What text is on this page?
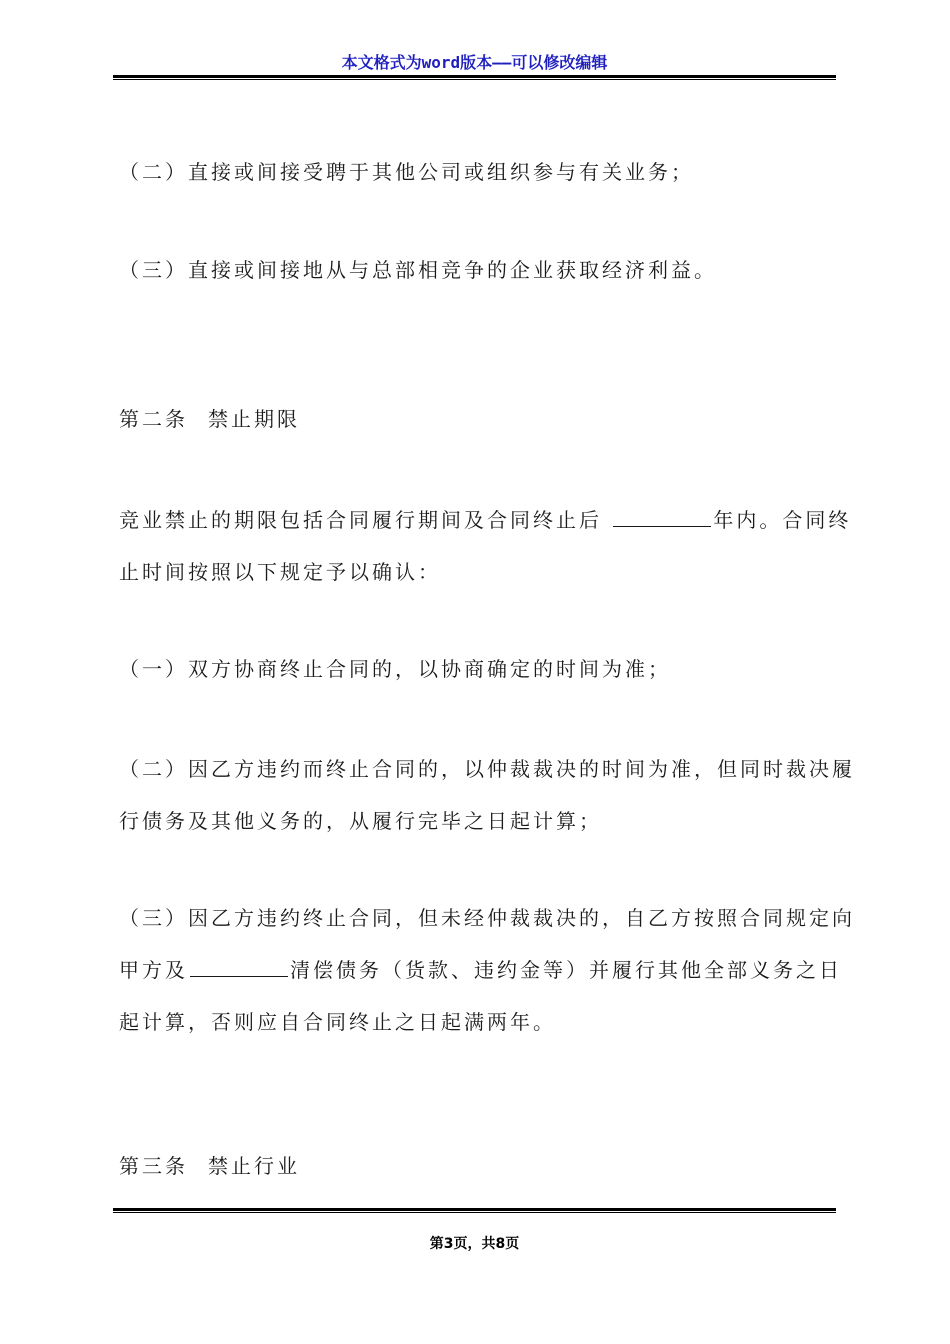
本文格式为word版本——可以修改编辑

（二）直接或间接受聘于其他公司或组织参与有关业务；

（三）直接或间接地从与总部相竞争的企业获取经济利益。

第二条 禁止期限

竞业禁止的期限包括合同履行期间及合同终止后	年内。合同终
止时间按照以下规定予以确认：

（一）双方协商终止合同的，以协商确定的时间为准；

（二）因乙方违约而终止合同的，以仲裁裁决的时间为准，但同时裁决履
行债务及其他义务的，从履行完毕之日起计算；

（三）因乙方违约终止合同，但未经仲裁裁决的，自乙方按照合同规定向
甲方及	清偿债务（货款、违约金等）并履行其他全部义务之日
起计算，否则应自合同终止之日起满两年。

第三条 禁止行业
第3页，共8页
